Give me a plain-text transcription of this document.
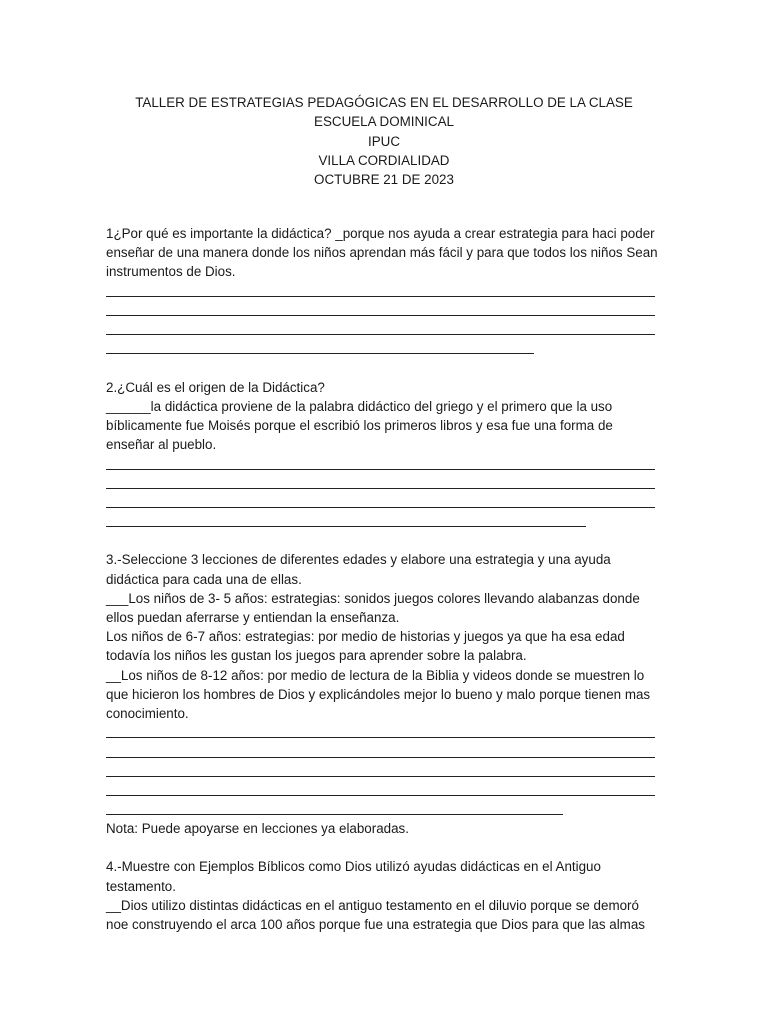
TALLER DE ESTRATEGIAS PEDAGÓGICAS EN EL DESARROLLO DE LA CLASE
ESCUELA DOMINICAL
IPUC
VILLA CORDIALIDAD
OCTUBRE 21 DE 2023
1¿Por qué es importante la didáctica? _porque nos ayuda a crear estrategia para haci poder enseñar de una manera donde los niños aprendan más fácil y para que todos los niños Sean instrumentos de Dios.
2.¿Cuál es el origen de la Didáctica?
______la didáctica proviene de la palabra didáctico del griego y el primero que la uso bíblicamente fue Moisés porque el escribió los primeros libros y esa fue una forma de enseñar al pueblo.
3.-Seleccione 3 lecciones de diferentes edades y elabore una estrategia y una ayuda didáctica para cada una de ellas.
___Los niños de 3- 5 años: estrategias: sonidos juegos colores llevando alabanzas donde ellos puedan aferrarse y entiendan la enseñanza.
Los niños de 6-7 años: estrategias: por medio de historias y juegos ya que ha esa edad todavía los niños les gustan los juegos para aprender sobre la palabra.
__Los niños de 8-12 años: por medio de lectura de la Biblia y videos donde se muestren lo que hicieron los hombres de Dios y explicándoles mejor lo bueno y malo porque tienen mas conocimiento.
Nota: Puede apoyarse en lecciones ya elaboradas.
4.-Muestre con Ejemplos Bíblicos como Dios utilizó ayudas didácticas en el Antiguo testamento.
__Dios utilizo distintas didácticas en el antiguo testamento en el diluvio porque se demoró noe construyendo el arca 100 años porque fue una estrategia que Dios para que las almas
